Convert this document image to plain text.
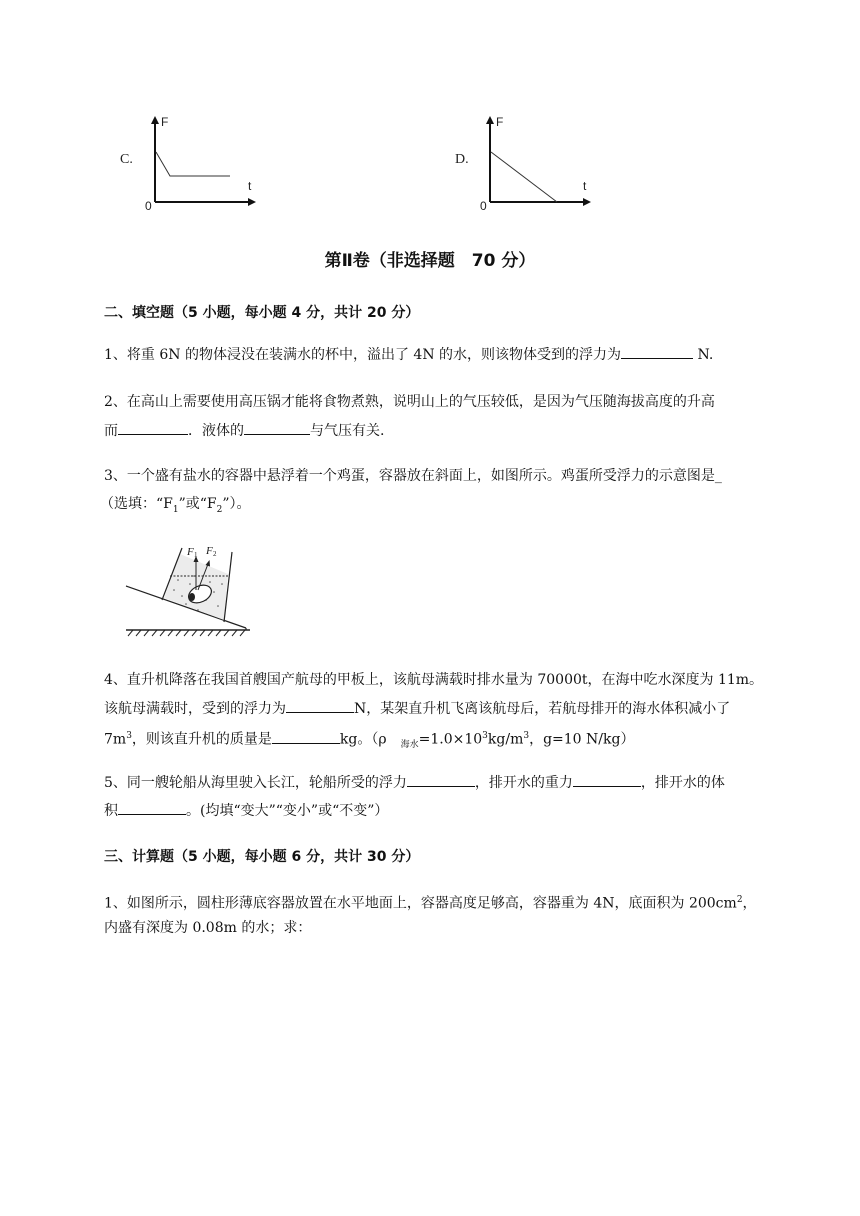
C.
F
t
0
D.
F
t
0
第Ⅱ卷（非选择题　70 分）
二、填空题（5 小题，每小题 4 分，共计 20 分）
1、将重 6N 的物体浸没在装满水的杯中，溢出了 4N 的水，则该物体受到的浮力为	N.
2、在高山上需要使用高压锅才能将食物煮熟，说明山上的气压较低，是因为气压随海拔高度的升高
而	．液体的	与气压有关.
3、一个盛有盐水的容器中悬浮着一个鸡蛋，容器放在斜面上，如图所示。鸡蛋所受浮力的示意图是_
（选填：“$F_1$”或“$F_2$”）。
F 1 F 2
4、直升机降落在我国首艘国产航母的甲板上，该航母满载时排水量为 70000t，在海中吃水深度为 11m。
该航母满载时，受到的浮力为	N，某架直升机飞离该航母后，若航母排开的海水体积减小了
$7m^3$，则该直升机的质量是	kg。（ρ $_{海水}=1.0\times 10^3kg/m^3$，g=10 N/kg）
5、同一艘轮船从海里驶入长江，轮船所受的浮力	，排开水的重力	，排开水的体
积	。(均填“变大”“变小”或“不变”）
三、计算题（5 小题，每小题 6 分，共计 30 分）
1、如图所示，圆柱形薄底容器放置在水平地面上，容器高度足够高，容器重为 4N，底面积为 $200cm^2$，
内盛有深度为 0.08m 的水；求：
